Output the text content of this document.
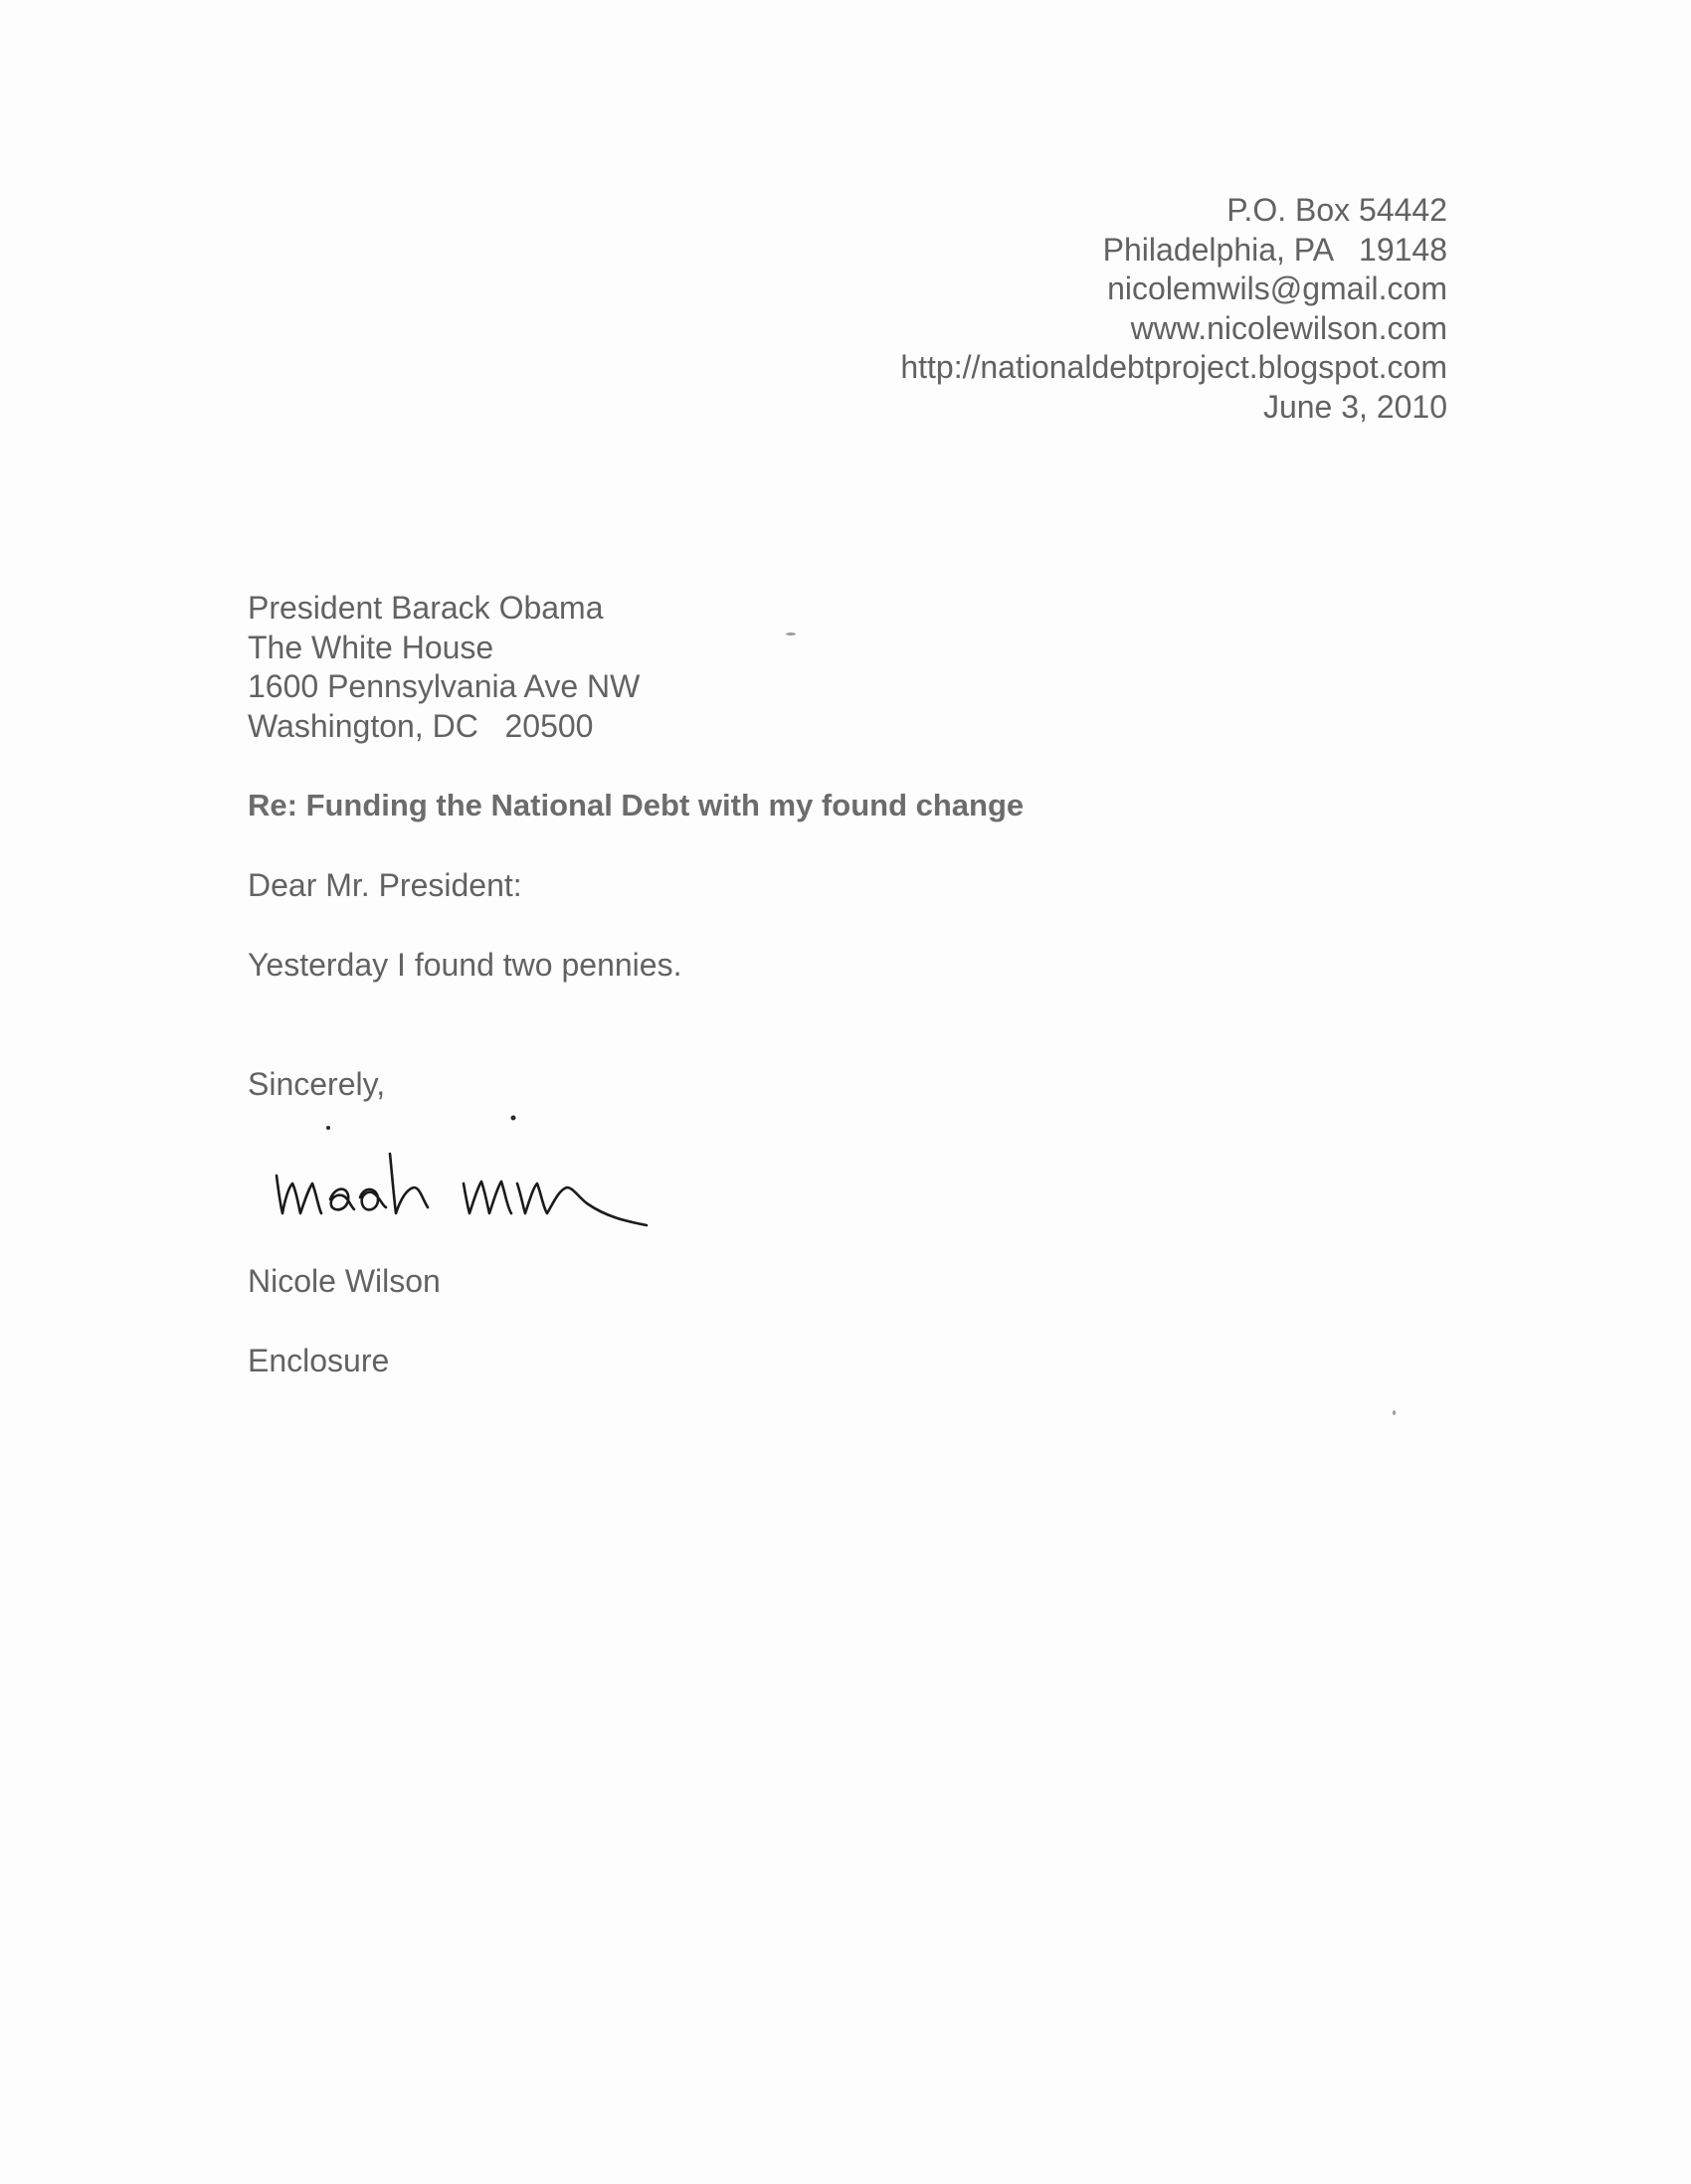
P.O. Box 54442
Philadelphia, PA   19148
nicolemwils@gmail.com
www.nicolewilson.com
http://nationaldebtproject.blogspot.com
June 3, 2010
President Barack Obama
The White House
1600 Pennsylvania Ave NW
Washington, DC   20500
Re: Funding the National Debt with my found change
Dear Mr. President:
Yesterday I found two pennies.
Sincerely,
Nicole Wilson
Enclosure
